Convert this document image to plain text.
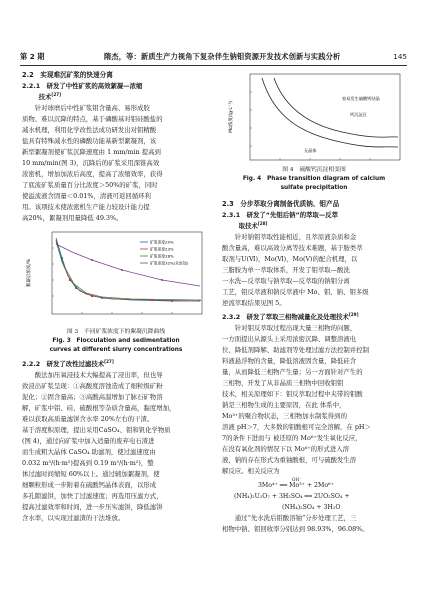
第 2 期	隋杰，等：新质生产力视角下复杂伴生钠钼资源开发技术创新与实践分析	145

2.2　实现难沉矿浆的快速分离

2.2.1　研发了中性矿浆的高效絮凝—浓缩

技术[27]

针对球磨后中性矿浆钼含量高、易形成胶
质物、难以沉降的特点，基于磷酸基对钼硅酸盐的
减水机理，利用化学改性法成功研发出对钼精酸
盐具有特殊减水性的磷酸功能基新型絮凝剂，该
新型絮凝剂使矿浆沉降速度由 1 mm/min 提高到
10 mm/min(图 3)，沉降后的矿浆采用深锥高效
浓密机，增加加浓后高度，提高了浓缩效率，获得
了底流矿浆质量百分比浓度＞50%的矿浆，同时
使溢流液含固量＜0.01%，清液可返回循环利
用。该项技术使浓密机生产能力较设计能力提
高20%，絮凝剂用量降低 49.3%。
絮凝后浓度/%
矿浆浓度20%
矿浆浓度23%
矿浆浓度28%
矿浆浓度32%(未添加)

图 3　不同矿浆浓度下的絮凝沉降曲线

Fig. 3　Flocculation and sedimentation

curves at different slurry concentrations

2.2.2　研发了改性过滤技术[27]

酸法加压氧浸技术大幅提高了浸出率，但也导
致浸出矿浆呈现：①高酸度溶蚀造成了细粒级矿粉
泥化；②固含量高；③高酸高温增加了脉石矿物溶
解，矿浆中铝、硅、硫酸根等杂质含量高，黏度增加，
难以获取高质量滤饼含水率 20%左右的干渣。
基于溶度积原理，提出采用CaSO₄、钼和钒化学物质
(图 4)，通过向矿浆中加入适量的废弃电石渣进
而生成粗大晶体 CaSO₄ 助滤剂，使过滤速度由
0.032 m³/(h·m²)提高到 0.19 m³/(h·m²)，整
体过滤时间缩短 60%以上。通过辅加絮凝剂，使
细颗粒形成一步附着在硫酸钙晶体表面，以形成
多孔隙滤饼，加快了过滤速度；再选用压滤方式，
提高过滤效率和时间，进一步压实滤饼，降低滤饼
含水率，以实现过滤渣的干法堆放。
Mo浓度/(g·L⁻¹)
容易发生硫酸钙结晶
钙沉淀区
无晶体

图 4　硫酸钙沉淀相变图

Fig. 4　Phase transition diagram of calcium

sulfate precipitation

2.3　分步萃取分离制备优质钠、钼产品

2.3.1　研发了“先钼后钠”的萃取—反萃

取技术[28]

针对钠钼萃取性能相近，且萃原液杂质和金
酸含量高，难以高效分离等技术难题，基于胺类萃
取剂与U(Ⅵ)，Mo(Ⅵ)，Mo(Ⅴ)的配合机理，以
三脂胺为单一萃取体系，开发了钼萃取—酸洗
一水洗—反萃取与钠萃取—反萃取的钠钼分离
工艺，钼反萃液和钠反萃液中 Mo、钼、钠、钼多级
逆流萃取结果见图 5。

2.3.2　研发了萃取三相物减量化及处理技术[29]

针对钼反萃取过程出现大量三相物的问题，
一方面提出从源头上采用浓密沉降、调整溶液电
位、降低剂降解、助滤剂等处理过滤方法控制并控制
料液悬浮物的含量，降低溶液固含量，降低硅含
量，从而降低三相物产生量；另一方面针对产生的
三相物，开发了从非晶质三相物中回收钼钼
技术，相关原理如下：钼反萃取过程中夹带的钼酸
钠是三相物生成的主要原因，在此 体系中，
Mo³⁺的聚合物状态，三相物加水制浆得到的
溶液 pH＞7，大多数的钼酸根可完全溶解，在 pH＞
7的条件下进而与 被还原的 Mo⁶⁺发生氧化反应，
在没有氧化剂的情况下以 Mo⁶⁺的形式进入溶
液，钠的存在形式为重铀酸根，可与硫酸发生溶
解反应。相关反应为
OH⁻
3Mo⁴⁺ ══ Mo³⁺ + 2Mo⁶⁺

(NH₄)₂U₂O₇ + 3H₂SO₄ ══ 2UO₂SO₄ +

(NH₄)₂SO₄ + 3H₂O

通过“先水洗后钼酸溶铀”分步处理工艺，三
相物中钠、钼回收率分别达到 98.93%，96.08%。
